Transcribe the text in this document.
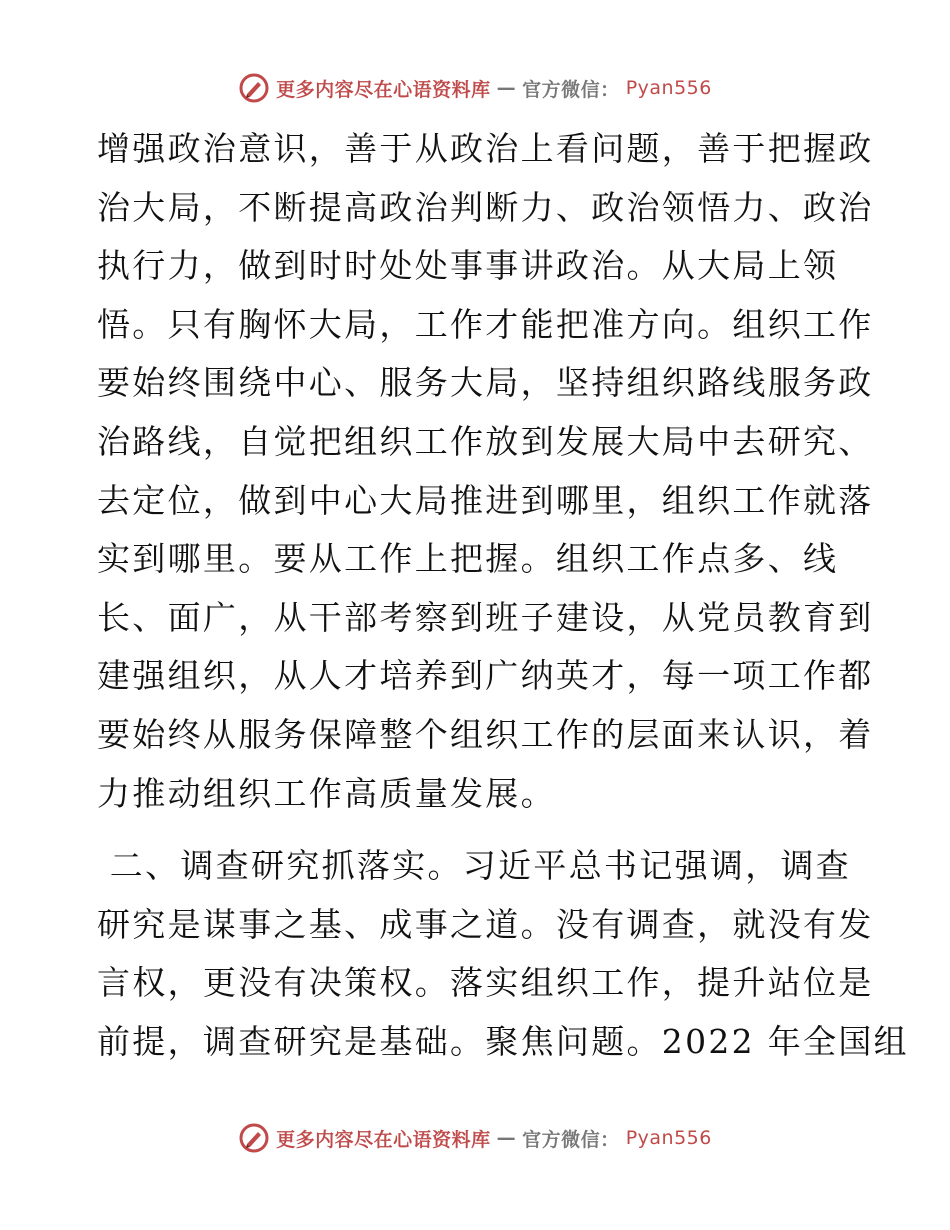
更多内容尽在心语资料库 — 官方微信： Pyan556
增强政治意识，善于从政治上看问题，善于把握政
治大局，不断提高政治判断力、政治领悟力、政治
执行力，做到时时处处事事讲政治。从大局上领
悟。只有胸怀大局，工作才能把准方向。组织工作
要始终围绕中心、服务大局，坚持组织路线服务政
治路线，自觉把组织工作放到发展大局中去研究、
去定位，做到中心大局推进到哪里，组织工作就落
实到哪里。要从工作上把握。组织工作点多、线
长、面广，从干部考察到班子建设，从党员教育到
建强组织，从人才培养到广纳英才，每一项工作都
要始终从服务保障整个组织工作的层面来认识，着
力推动组织工作高质量发展。
二、调查研究抓落实。习近平总书记强调，调查
研究是谋事之基、成事之道。没有调查，就没有发
言权，更没有决策权。落实组织工作，提升站位是
前提，调查研究是基础。聚焦问题。2022 年全国组
更多内容尽在心语资料库 — 官方微信： Pyan556
